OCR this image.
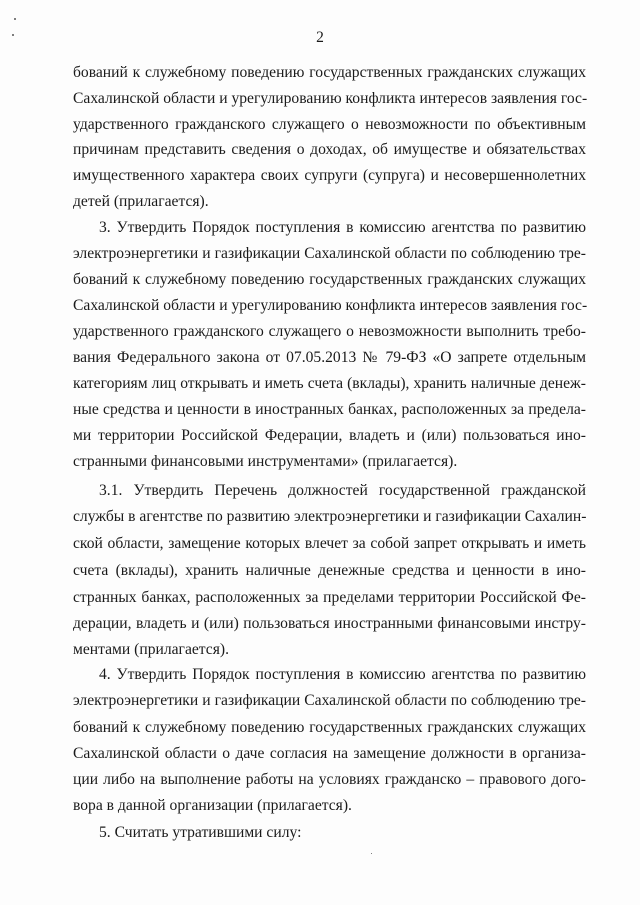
2
бований к служебному поведению государственных гражданских служащих
Сахалинской области и урегулированию конфликта интересов заявления гос-
ударственного гражданского служащего о невозможности по объективным
причинам представить сведения о доходах, об имуществе и обязательствах
имущественного характера своих супруги (супруга) и несовершеннолетних
детей (прилагается).
3. Утвердить Порядок поступления в комиссию агентства по развитию
электроэнергетики и газификации Сахалинской области по соблюдению тре-
бований к служебному поведению государственных гражданских служащих
Сахалинской области и урегулированию конфликта интересов заявления гос-
ударственного гражданского служащего о невозможности выполнить требо-
вания Федерального закона от 07.05.2013 № 79-ФЗ «О запрете отдельным
категориям лиц открывать и иметь счета (вклады), хранить наличные денеж-
ные средства и ценности в иностранных банках, расположенных за предела-
ми территории Российской Федерации, владеть и (или) пользоваться ино-
странными финансовыми инструментами» (прилагается).
3.1. Утвердить Перечень должностей государственной гражданской
службы в агентстве по развитию электроэнергетики и газификации Сахалин-
ской области, замещение которых влечет за собой запрет открывать и иметь
счета (вклады), хранить наличные денежные средства и ценности в ино-
странных банках, расположенных за пределами территории Российской Фе-
дерации, владеть и (или) пользоваться иностранными финансовыми инстру-
ментами (прилагается).
4. Утвердить Порядок поступления в комиссию агентства по развитию
электроэнергетики и газификации Сахалинской области по соблюдению тре-
бований к служебному поведению государственных гражданских служащих
Сахалинской области о даче согласия на замещение должности в организа-
ции либо на выполнение работы на условиях гражданско – правового дого-
вора в данной организации (прилагается).
5. Считать утратившими силу:
